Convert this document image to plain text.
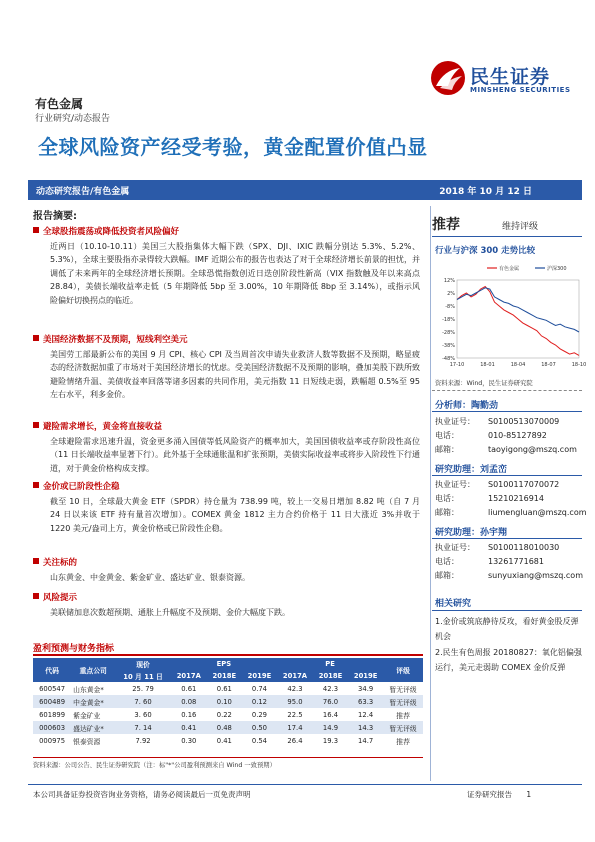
民生证券
MINSHENG SECURITIES
有色金属
行业研究/动态报告
全球风险资产经受考验，黄金配置价值凸显
动态研究报告/有色金属	2018 年 10 月 12 日
报告摘要:
全球股指震荡或降低投资者风险偏好
近两日（10.10-10.11）美国三大股指集体大幅下跌（SPX、DJI、IXIC 跌幅分别达 5.3%、5.2%、5.3%），全球主要股指亦录得较大跌幅。IMF 近期公布的报告也表达了对于全球经济增长前景的担忧，并调低了未来两年的全球经济增长预期。全球恐慌指数创近日迭创阶段性新高（VIX 指数触及年以来高点 28.84），美债长端收益率走低（5 年期降低 5bp 至 3.00%，10 年期降低 8bp 至 3.14%），或指示风险偏好切换拐点的临近。
美国经济数据不及预期，短线利空美元
美国劳工部最新公布的美国 9 月 CPI、核心 CPI 及当周首次申请失业救济人数等数据不及预期，略显疲态的经济数据加重了市场对于美国经济增长的忧虑。受美国经济数据不及预期的影响，叠加美股下跌所致避险情绪升温、美债收益率回落等诸多因素的共同作用，美元指数 11 日短线走弱，跌幅超 0.5%至 95 左右水平，利多金价。
避险需求增长，黄金将直接收益
全球避险需求迅速升温，资金更多涌入国债等低风险资产的概率加大，美国国债收益率或存阶段性高位（11 日长端收益率显著下行）。此外基于全球通胀温和扩张预期，美债实际收益率或将步入阶段性下行通道，对于黄金价格构成支撑。
金价或已阶段性企稳
截至 10 日，全球最大黄金 ETF（SPDR）持仓量为 738.99 吨，较上一交易日增加 8.82 吨（自 7 月 24 日以来该 ETF 持有量首次增加）。COMEX 黄金 1812 主力合约价格于 11 日大涨近 3%并收于 1220 美元/盎司上方，黄金价格或已阶段性企稳。
关注标的
山东黄金、中金黄金、紫金矿业、盛达矿业、银泰资源。
风险提示
美联储加息次数超预期、通胀上升幅度不及预期、金价大幅度下跌。
盈利预测与财务指标
代码	重点公司	现价	EPS			PE			评级
		10 月 11 日	2017A	2018E	2019E	2017A	2018E	2019E	
600547	山东黄金*	25. 79	0.61	0.61	0.74	42.3	42.3	34.9	暂无评级
600489	中金黄金*	7. 60	0.08	0.10	0.12	95.0	76.0	63.3	暂无评级
601899	紫金矿业	3. 60	0.16	0.22	0.29	22.5	16.4	12.4	推荐
000603	盛达矿业*	7. 14	0.41	0.48	0.50	17.4	14.9	14.3	暂无评级
000975	银泰资源	7.92	0.30	0.41	0.54	26.4	19.3	14.7	推荐
资料来源：公司公告、民生证券研究院（注：标"*"公司盈利预测来自 Wind 一致预期）
推荐	维持评级
行业与沪深 300 走势比较
有色金属	沪深300
12%
2%
-8%
-18%
-28%
-38%
-48%
17-10	18-01	18-04	18-07	18-10
资料来源：Wind，民生证券研究院
分析师：陶勤劲
执业证号： S0100513070009
电话：	010-85127892
邮箱：	taoyigong@mszq.com
研究助理：刘孟峦
执业证号： S0100117070072
电话：	15210216914
邮箱：	liumengluan@mszq.com
研究助理：孙宇翔
执业证号： S0100118010030
电话：	13261771681
邮箱：	sunyuxiang@mszq.com
相关研究
1.金价或筑底静待反攻，看好黄金股反弹机会
2.民生有色周报 20180827：氧化铝偏强运行，美元走弱助 COMEX 金价反弹
本公司具备证券投资咨询业务资格，请务必阅读最后一页免责声明	证券研究报告 1
